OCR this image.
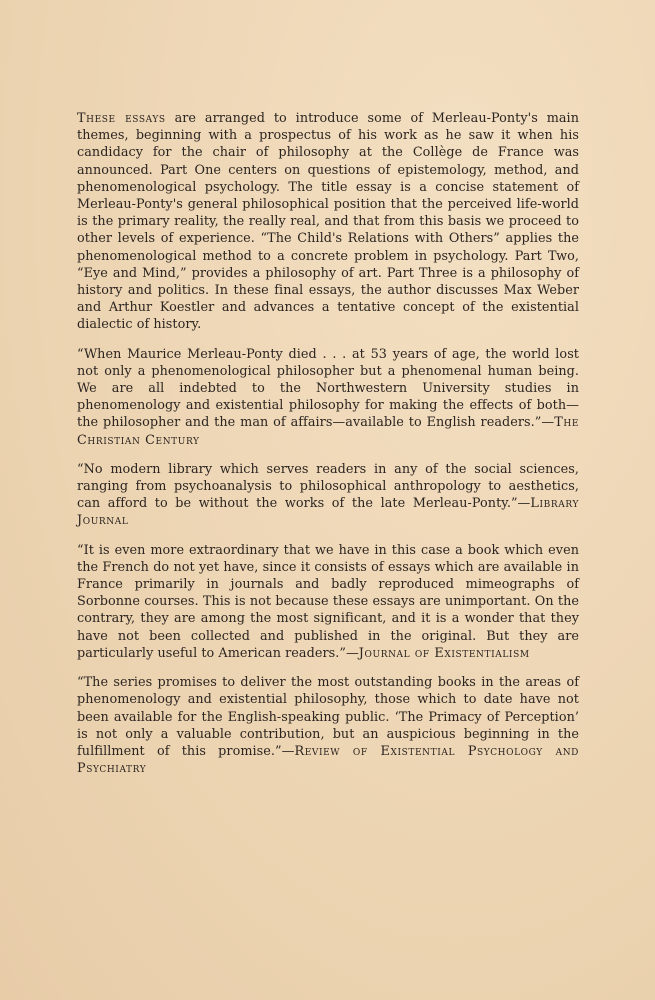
These essays are arranged to introduce some of Merleau-Ponty's main themes, beginning with a prospectus of his work as he saw it when his candidacy for the chair of philosophy at the Collège de France was announced. Part One centers on questions of epistemology, method, and phenomenological psychology. The title essay is a concise statement of Merleau-Ponty's general philosophical position that the perceived life-world is the primary reality, the really real, and that from this basis we proceed to other levels of experience. “The Child's Relations with Others” applies the phenomenological method to a concrete problem in psychology. Part Two, “Eye and Mind,” provides a philosophy of art. Part Three is a philosophy of history and politics. In these final essays, the author discusses Max Weber and Arthur Koestler and advances a tentative concept of the existential dialectic of history.

“When Maurice Merleau-Ponty died . . . at 53 years of age, the world lost not only a phenomenological philosopher but a phenomenal human being. We are all indebted to the Northwestern University studies in phenomenology and existential philosophy for making the effects of both—the philosopher and the man of affairs—available to English readers.”—The Christian Century

“No modern library which serves readers in any of the social sciences, ranging from psychoanalysis to philosophical anthropology to aesthetics, can afford to be without the works of the late Merleau-Ponty.”—Library Journal

“It is even more extraordinary that we have in this case a book which even the French do not yet have, since it consists of essays which are available in France primarily in journals and badly reproduced mimeographs of Sorbonne courses. This is not because these essays are unimportant. On the contrary, they are among the most significant, and it is a wonder that they have not been collected and published in the original. But they are particularly useful to American readers.”—Journal of Existentialism

“The series promises to deliver the most outstanding books in the areas of phenomenology and existential philosophy, those which to date have not been available for the English-speaking public. ‘The Primacy of Perception’ is not only a valuable contribution, but an auspicious beginning in the fulfillment of this promise.”—Review of Existential Psychology and Psychiatry
